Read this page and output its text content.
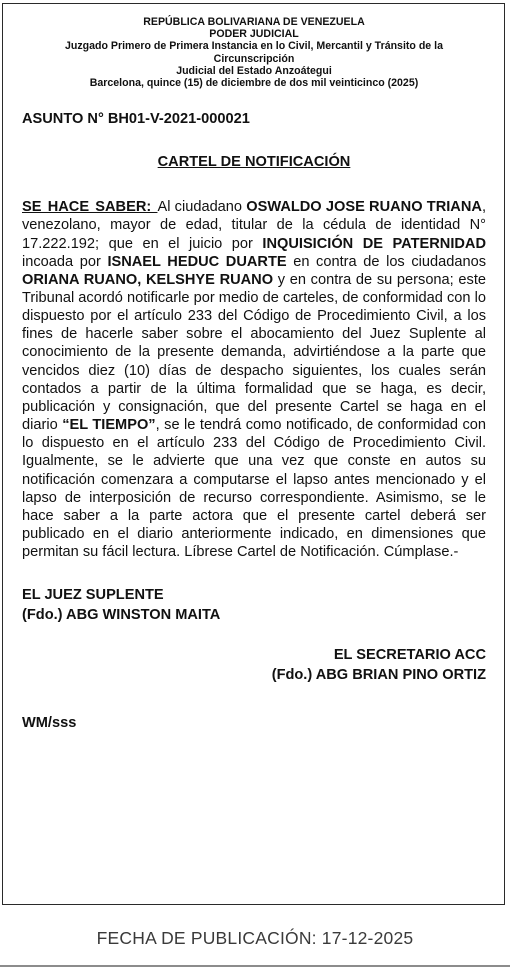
REPÚBLICA BOLIVARIANA DE VENEZUELA

PODER JUDICIAL

Juzgado Primero de Primera Instancia en lo Civil, Mercantil y Tránsito de la

Circunscripción

Judicial del Estado Anzoátegui

Barcelona, quince (15) de diciembre de dos mil veinticinco (2025)

ASUNTO N° BH01-V-2021-000021

CARTEL DE NOTIFICACIÓN

SE HACE SABER: Al ciudadano OSWALDO JOSE RUANO TRIANA, venezolano, mayor de edad, titular de la cédula de identidad N° 17.222.192; que en el juicio por INQUISICIÓN DE PATERNIDAD incoada por ISNAEL HEDUC DUARTE en contra de los ciudadanos ORIANA RUANO, KELSHYE RUANO y en contra de su persona; este Tribunal acordó notificarle por medio de carteles, de conformidad con lo dispuesto por el artículo 233 del Código de Procedimiento Civil, a los fines de hacerle saber sobre el abocamiento del Juez Suplente al conocimiento de la presente demanda, advirtiéndose a la parte que vencidos diez (10) días de despacho siguientes, los cuales serán contados a partir de la última formalidad que se haga, es decir, publicación y consignación, que del presente Cartel se haga en el diario “EL TIEMPO”, se le tendrá como notificado, de conformidad con lo dispuesto en el artículo 233 del Código de Procedimiento Civil. Igualmente, se le advierte que una vez que conste en autos su notificación comenzara a computarse el lapso antes mencionado y el lapso de interposición de recurso correspondiente. Asimismo, se le hace saber a la parte actora que el presente cartel deberá ser publicado en el diario anteriormente indicado, en dimensiones que permitan su fácil lectura. Líbrese Cartel de Notificación. Cúmplase.-

EL JUEZ SUPLENTE
(Fdo.) ABG WINSTON MAITA
EL SECRETARIO ACC
(Fdo.) ABG BRIAN PINO ORTIZ
WM/sss
FECHA DE PUBLICACIÓN: 17-12-2025
